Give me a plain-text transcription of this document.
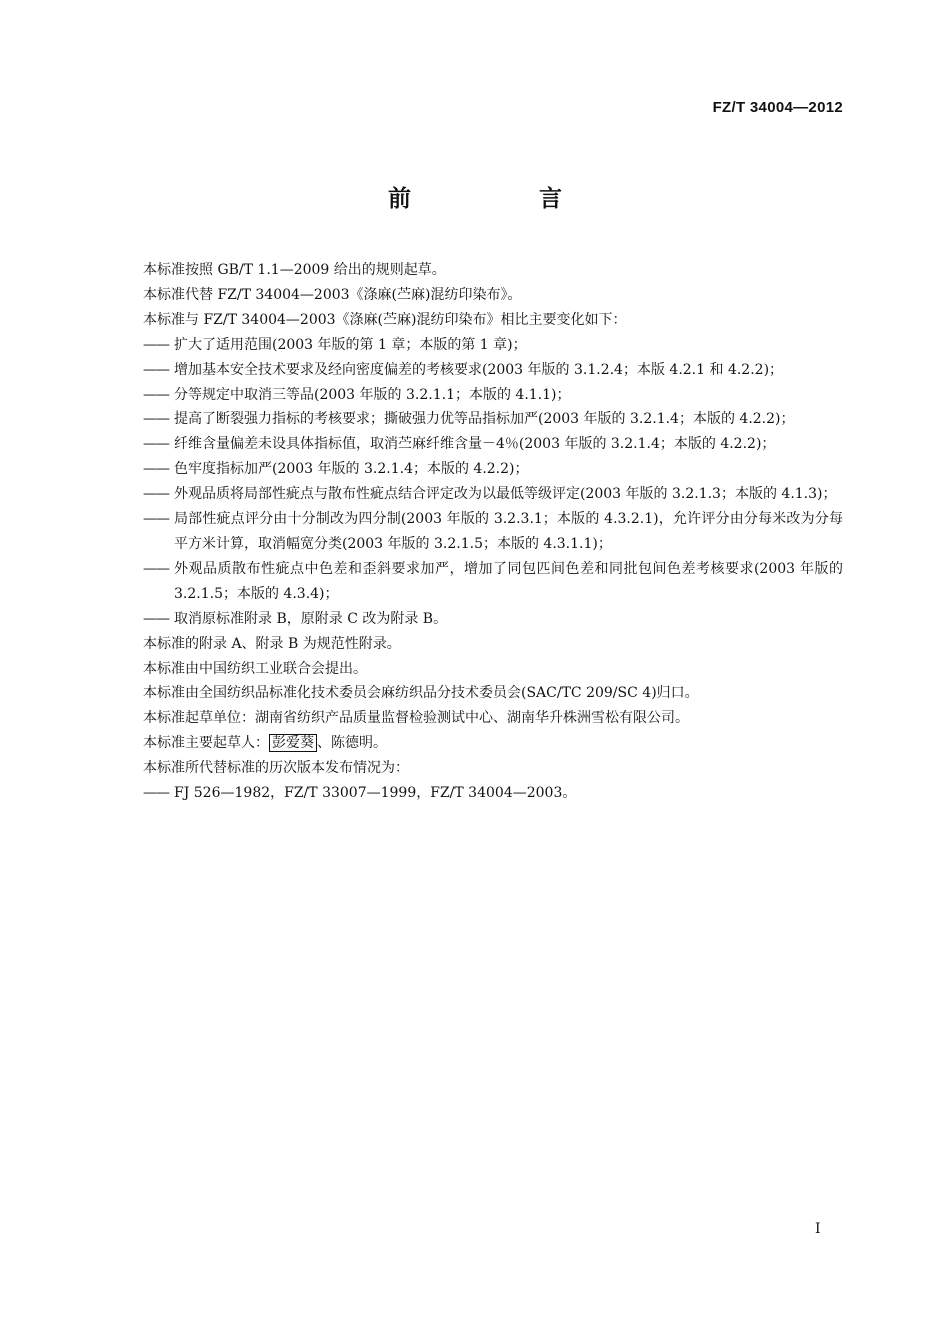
FZ/T 34004—2012
前 言

本标准按照 GB/T 1.1—2009 给出的规则起草。

本标准代替 FZ/T 34004—2003《涤麻(苎麻)混纺印染布》。

本标准与 FZ/T 34004—2003《涤麻(苎麻)混纺印染布》相比主要变化如下：

—— 扩大了适用范围(2003 年版的第 1 章；本版的第 1 章)；
—— 增加基本安全技术要求及经向密度偏差的考核要求(2003 年版的 3.1.2.4；本版 4.2.1 和 4.2.2)；
—— 分等规定中取消三等品(2003 年版的 3.2.1.1；本版的 4.1.1)；
—— 提高了断裂强力指标的考核要求；撕破强力优等品指标加严(2003 年版的 3.2.1.4；本版的 4.2.2)；
—— 纤维含量偏差未设具体指标值，取消苎麻纤维含量－4％(2003 年版的 3.2.1.4；本版的 4.2.2)；
—— 色牢度指标加严(2003 年版的 3.2.1.4；本版的 4.2.2)；
—— 外观品质将局部性疵点与散布性疵点结合评定改为以最低等级评定(2003 年版的 3.2.1.3；本版的 4.1.3)；
—— 局部性疵点评分由十分制改为四分制(2003 年版的 3.2.3.1；本版的 4.3.2.1)，允许评分由分每米改为分每平方米计算，取消幅宽分类(2003 年版的 3.2.1.5；本版的 4.3.1.1)；
—— 外观品质散布性疵点中色差和歪斜要求加严，增加了同包匹间色差和同批包间色差考核要求(2003 年版的 3.2.1.5；本版的 4.3.4)；
—— 取消原标准附录 B，原附录 C 改为附录 B。

本标准的附录 A、附录 B 为规范性附录。

本标准由中国纺织工业联合会提出。

本标准由全国纺织品标准化技术委员会麻纺织品分技术委员会(SAC/TC 209/SC 4)归口。

本标准起草单位：湖南省纺织产品质量监督检验测试中心、湖南华升株洲雪松有限公司。

本标准主要起草人： 彭爱葵 、陈德明。

本标准所代替标准的历次版本发布情况为：

—— FJ 526—1982，FZ/T 33007—1999，FZ/T 34004—2003。
I
